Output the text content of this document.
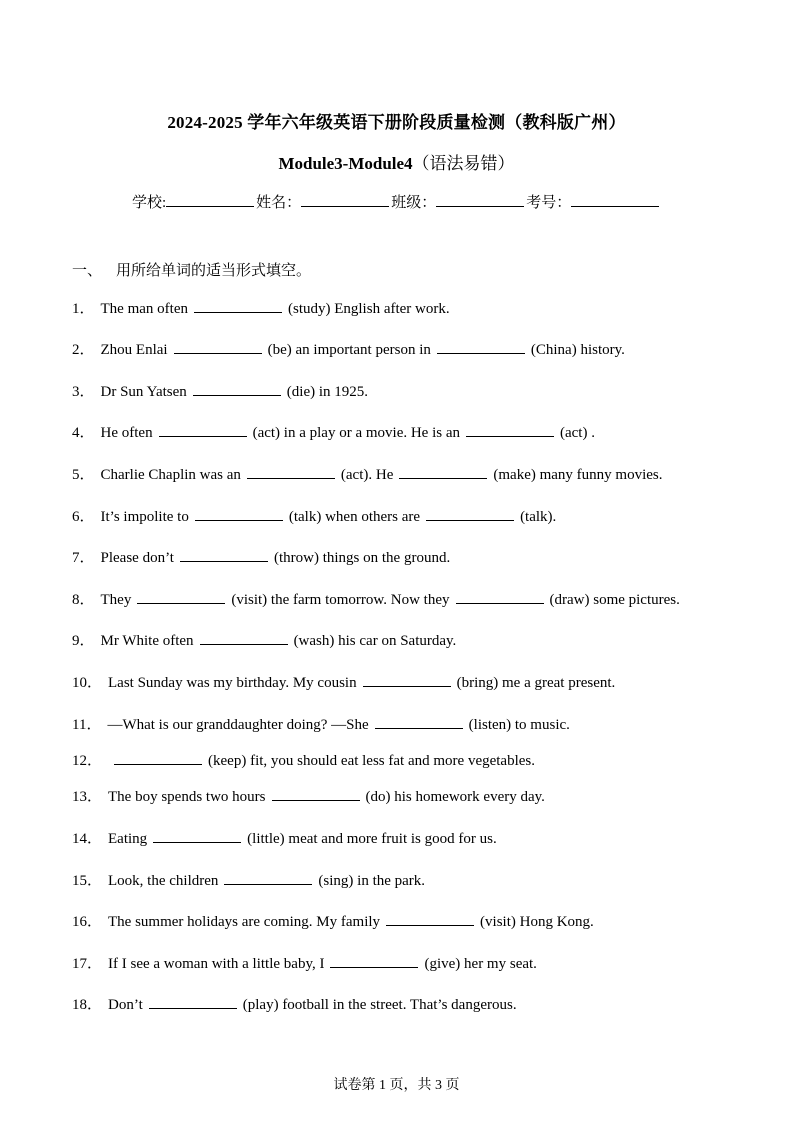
2024-2025 学年六年级英语下册阶段质量检测（教科版广州）
Module3-Module4（语法易错）
学校:	姓名：	班级：	考号：
一、 用所给单词的适当形式填空。
1． The man often	(study) English after work.
2． Zhou Enlai	(be) an important person in	(China) history.
3． Dr Sun Yatsen	(die) in 1925.
4． He often	(act) in a play or a movie. He is an	(act) .
5． Charlie Chaplin was an	(act). He	(make) many funny movies.
6． It’s impolite to	(talk) when others are	(talk).
7． Please don’t	(throw) things on the ground.
8． They	(visit) the farm tomorrow. Now they	(draw) some pictures.
9． Mr White often	(wash) his car on Saturday.
10． Last Sunday was my birthday. My cousin	(bring) me a great present.
11． —What is our granddaughter doing? —She	(listen) to music.
12．	(keep) fit, you should eat less fat and more vegetables.
13． The boy spends two hours	(do) his homework every day.
14． Eating	(little) meat and more fruit is good for us.
15． Look, the children	(sing) in the park.
16． The summer holidays are coming. My family	(visit) Hong Kong.
17． If I see a woman with a little baby, I	(give) her my seat.
18． Don’t	(play) football in the street. That’s dangerous.
试卷第 1 页，共 3 页
